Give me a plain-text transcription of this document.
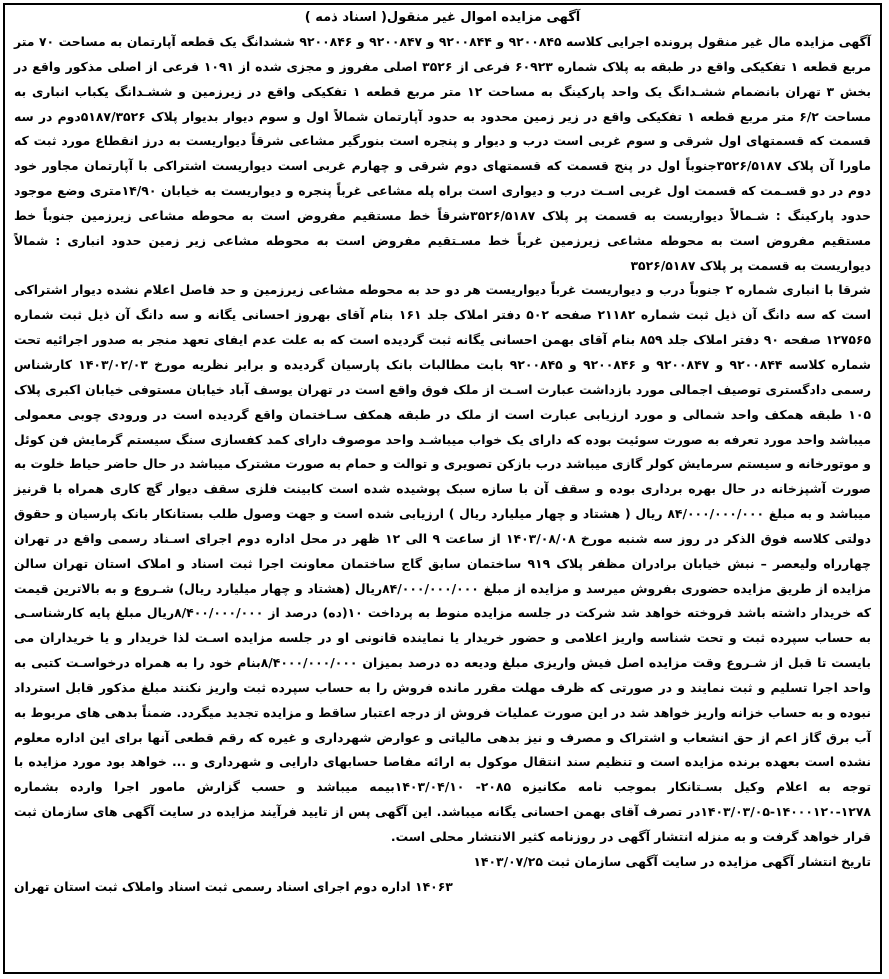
آگهی مزایده اموال غیر منقول( اسناد ذمه )

آگهی مزایده مال غیر منقول پرونده اجرایی کلاسه ۹۲۰۰۸۴۵ و ۹۲۰۰۸۴۴ و ۹۲۰۰۸۴۷ و ۹۲۰۰۸۴۶ ششدانگ یک قطعه آپارتمان به مساحت ۷۰ متر مربع قطعه ۱ تفکیکی واقع در طبقه به پلاک شماره ۶۰۹۲۳ فرعی از ۳۵۲۶ اصلی مفروز و مجزی شده از ۱۰۹۱ فرعی از اصلی مذکور واقع در بخش ۳ تهران بانضمام ششـدانگ یک واحد پارکینگ به مساحت ۱۲ متر مربع قطعه ۱ تفکیکی واقع در زیرزمین و ششـدانگ یکباب انباری به مساحت ۶/۲ متر مربع قطعه ۱ تفکیکی واقع در زیر زمین محدود به حدود آپارتمان شمالاً اول و سوم دیوار بدیوار پلاک ۵۱۸۷/۳۵۲۶دوم در سه قسمت که قسمتهای اول شرقی و سوم غربی است درب و دیوار و پنجره است بنورگیر مشاعی شرقاً دیواریست به درز انقطاع مورد ثبت که ماورا آن پلاک ۳۵۲۶/۵۱۸۷جنوباً اول در پنج قسمت که قسمتهای دوم شرقی و چهارم غربی است دیواریست اشتراکی با آپارتمان مجاور خود دوم در دو قسـمت که قسمت اول غربی اسـت درب و دیواری است براه پله مشاعی غرباً پنجره و دیواریست به خیابان ۱۴/۹۰متری وضع موجود حدود پارکینگ : شـمالاً دیواریست به قسمت پر پلاک ۳۵۲۶/۵۱۸۷شرقاً خط مستقیم مفروض است به محوطه مشاعی زیرزمین جنوباً خط مستقیم مفروض است به محوطه مشاعی زیرزمین غرباً خط مسـتقیم مفروض است به محوطه مشاعی زیر زمین حدود انباری : شمالاً دیواریست به قسمت پر پلاک ۳۵۲۶/۵۱۸۷

شرقا با انباری شماره ۲ جنوباً درب و دیواریست غرباً دیواریست هر دو حد به محوطه مشاعی زیرزمین و حد فاصل اعلام نشده دیوار اشتراکی است که سه دانگ آن ذیل ثبت شماره ۲۱۱۸۲ صفحه ۵۰۲ دفتر املاک جلد ۱۶۱ بنام آقای بهروز احسانی یگانه و سه دانگ آن ذیل ثبت شماره ۱۲۷۵۶۵ صفحه ۹۰ دفتر املاک جلد ۸۵۹ بنام آقای بهمن احسانی یگانه ثبت گردیده است که به علت عدم ایفای تعهد منجر به صدور اجرائیه تحت شماره کلاسه ۹۲۰۰۸۴۴ و ۹۲۰۰۸۴۷ و ۹۲۰۰۸۴۶ و ۹۲۰۰۸۴۵ بابت مطالبات بانک پارسیان گردیده و برابر نظریه مورخ ۱۴۰۳/۰۲/۰۳ کارشناس رسمی دادگستری توصیف اجمالی مورد بازداشت عبارت اسـت از ملک فوق واقع است در تهران یوسف آباد خیابان مستوفی خیابان اکبری پلاک ۱۰۵ طبقه همکف واحد شمالی و مورد ارزیابی عبارت است از ملک در طبقه همکف سـاختمان واقع گردیده است در ورودی چوبی معمولی میباشد واحد مورد تعرفه به صورت سوئیت بوده که دارای یک خواب میباشـد واحد موصوف دارای کمد کفسازی سنگ سیستم گرمایش فن کوئل و موتورخانه و سیستم سرمایش کولر گازی میباشد درب بازکن تصویری و توالت و حمام به صورت مشترک میباشد در حال حاضر حیاط خلوت به صورت آشپزخانه در حال بهره برداری بوده و سقف آن با سازه سبک پوشیده شده است کابینت فلزی سقف دیوار گچ کاری همراه با قرنیز میباشد و به مبلغ ۸۴/۰۰۰/۰۰۰/۰۰۰ ریال ( هشتاد و چهار میلیارد ریال ) ارزیابی شده است و جهت وصول طلب بستانکار بانک پارسیان و حقوق دولتی کلاسه فوق الذکر در روز سه شنبه مورخ ۱۴۰۳/۰۸/۰۸ از ساعت ۹ الی ۱۲ ظهر در محل اداره دوم اجرای اسـناد رسمی واقع در تهران چهارراه ولیعصر – نبش خیابان برادران مظفر پلاک ۹۱۹ ساختمان سابق گاج ساختمان معاونت اجرا ثبت اسناد و املاک استان تهران سالن مزایده از طریق مزایده حضوری بفروش میرسد و مزایده از مبلغ ۸۴/۰۰۰/۰۰۰/۰۰۰ریال (هشتاد و چهار میلیارد ریال) شـروع و به بالاترین قیمت که خریدار داشته باشد فروخته خواهد شد شرکت در جلسه مزایده منوط به پرداخت ۱۰(ده) درصد از ۸/۴۰۰/۰۰۰/۰۰۰ریال مبلغ پایه کارشناسـی به حساب سپرده ثبت و تحت شناسه واریز اعلامی و حضور خریدار یا نماینده قانونی او در جلسه مزایده اسـت لذا خریدار و یا خریداران می بایست تا قبل از شـروع وقت مزایده اصل فیش واریزی مبلغ ودیعه ده درصد بمیزان ۸/۴۰۰۰/۰۰۰/۰۰۰بنام خود را به همراه درخواسـت کتبی به واحد اجرا تسلیم و ثبت نمایند و در صورتی که ظرف مهلت مقرر مانده فروش را به حساب سپرده ثبت واریز نکنند مبلغ مذکور قابل استرداد نبوده و به حساب خزانه واریز خواهد شد در این صورت عملیات فروش از درجه اعتبار ساقط و مزایده تجدید میگردد. ضمناً بدهی های مربوط به آب برق گاز اعم از حق انشعاب و اشتراک و مصرف و نیز بدهی مالیاتی و عوارض شهرداری و غیره که رقم قطعی آنها برای این اداره معلوم نشده است بعهده برنده مزایده است و تنظیم سند انتقال موکول به ارائه مفاصا حسابهای دارایی و شهرداری و ... خواهد بود مورد مزایده با توجه به اعلام وکیل بسـتانکار بموجب نامه مکانیزه ۲۰۸۵- ۱۴۰۳/۰۴/۱۰بیمه میباشد و حسب گزارش مامور اجرا وارده بشماره ۱۲۷۸-۱۴۰۰۰۱۲۰-۱۴۰۳/۰۳/۰۵در تصرف آقای بهمن احسانی یگانه میباشد. این آگهی پس از تایید فرآیند مزایده در سایت آگهی های سازمان ثبت قرار خواهد گرفت و به منزله انتشار آگهی در روزنامه کثیر الانتشار محلی است.

تاریخ انتشار آگهی مزایده در سایت آگهی سازمان ثبت ۱۴۰۳/۰۷/۲۵

۱۴۰۶۳ اداره دوم اجرای اسناد رسمی ثبت اسناد واملاک ثبت استان تهران
